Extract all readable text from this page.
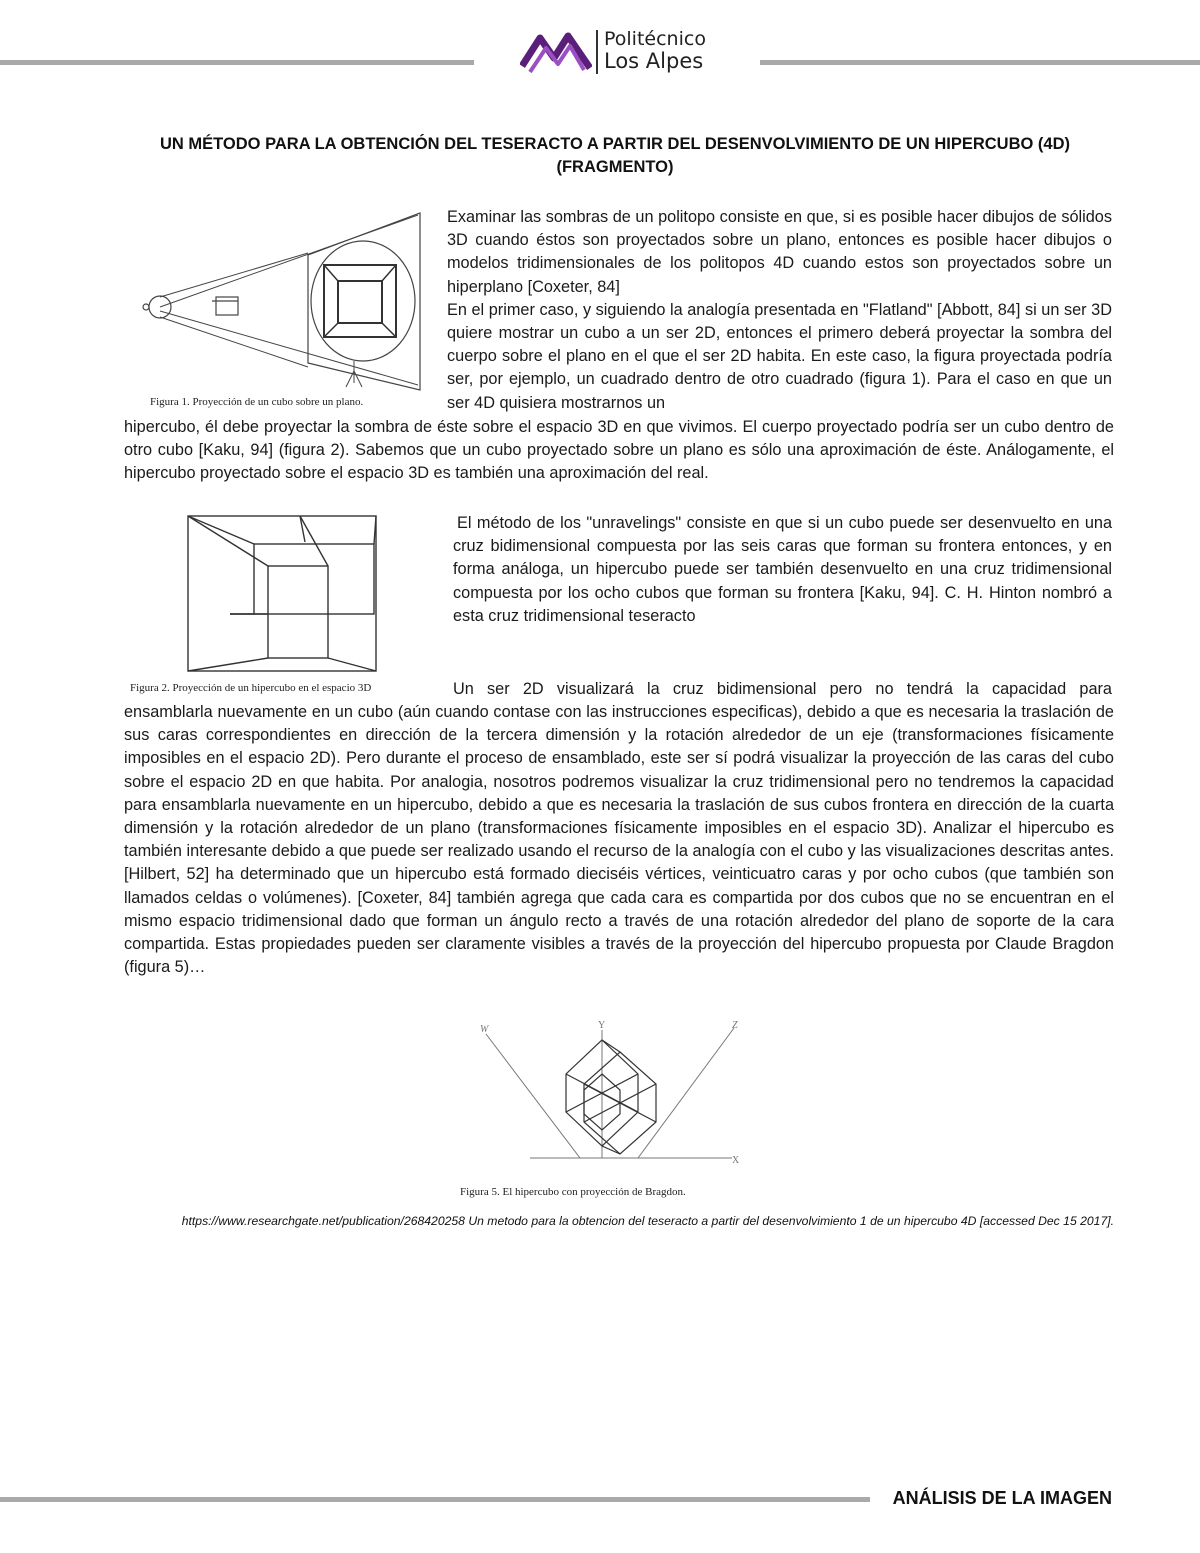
Politécnico
Los Alpes
UN MÉTODO PARA LA OBTENCIÓN DEL TESERACTO A PARTIR DEL DESENVOLVIMIENTO DE UN HIPERCUBO (4D)(FRAGMENTO)
Figura 1. Proyección de un cubo sobre un plano.

Examinar las sombras de un politopo consiste en que, si es posible hacer dibujos de sólidos 3D cuando éstos son proyectados sobre un plano, entonces es posible hacer dibujos o modelos tridimensionales de los politopos 4D cuando estos son proyectados sobre un hiperplano [Coxeter, 84]

En el primer caso, y siguiendo la analogía presentada en "Flatland" [Abbott, 84] si un ser 3D quiere mostrar un cubo a un ser 2D, entonces el primero deberá proyectar la sombra del cuerpo sobre el plano en el que el ser 2D habita. En este caso, la figura proyectada podría ser, por ejemplo, un cuadrado dentro de otro cuadrado (figura 1). Para el caso en que un ser 4D quisiera mostrarnos un

hipercubo, él debe proyectar la sombra de éste sobre el espacio 3D en que vivimos. El cuerpo proyectado podría ser un cubo dentro de otro cubo [Kaku, 94] (figura 2). Sabemos que un cubo proyectado sobre un plano es sólo una aproximación de éste. Análogamente, el hipercubo proyectado sobre el espacio 3D es también una aproximación del real.

Figura 2. Proyección de un hipercubo en el espacio 3D

El método de los "unravelings" consiste en que si un cubo puede ser desenvuelto en una cruz bidimensional compuesta por las seis caras que forman su frontera entonces, y en forma análoga, un hipercubo puede ser también desenvuelto en una cruz tridimensional compuesta por los ocho cubos que forman su frontera [Kaku, 94]. C. H. Hinton nombró a esta cruz tridimensional teseracto

Un ser 2D visualizará la cruz bidimensional pero no tendrá la capacidad para

ensamblarla nuevamente en un cubo (aún cuando contase con las instrucciones especificas), debido a que es necesaria la traslación de sus caras correspondientes en dirección de la tercera dimensión y la rotación alrededor de un eje (transformaciones físicamente imposibles en el espacio 2D). Pero durante el proceso de ensamblado, este ser sí podrá visualizar la proyección de las caras del cubo sobre el espacio 2D en que habita. Por analogia, nosotros podremos visualizar la cruz tridimensional pero no tendremos la capacidad para ensamblarla nuevamente en un hipercubo, debido a que es necesaria la traslación de sus cubos frontera en dirección de la cuarta dimensión y la rotación alrededor de un plano (transformaciones físicamente imposibles en el espacio 3D). Analizar el hipercubo es también interesante debido a que puede ser realizado usando el recurso de la analogía con el cubo y las visualizaciones descritas antes. [Hilbert, 52] ha determinado que un hipercubo está formado dieciséis vértices, veinticuatro caras y por ocho cubos (que también son llamados celdas o volúmenes). [Coxeter, 84] también agrega que cada cara es compartida por dos cubos que no se encuentran en el mismo espacio tridimensional dado que forman un ángulo recto a través de una rotación alrededor del plano de soporte de la cara compartida. Estas propiedades pueden ser claramente visibles a través de la proyección del hipercubo propuesta por Claude Bragdon (figura 5)…

W	Y	Z
X
Figura 5. El hipercubo con proyección de Bragdon.
https://www.researchgate.net/publication/268420258 Un metodo para la obtencion del teseracto a partir del desenvolvimiento 1 de un hipercubo 4D [accessed Dec 15 2017].
ANÁLISIS DE LA IMAGEN
